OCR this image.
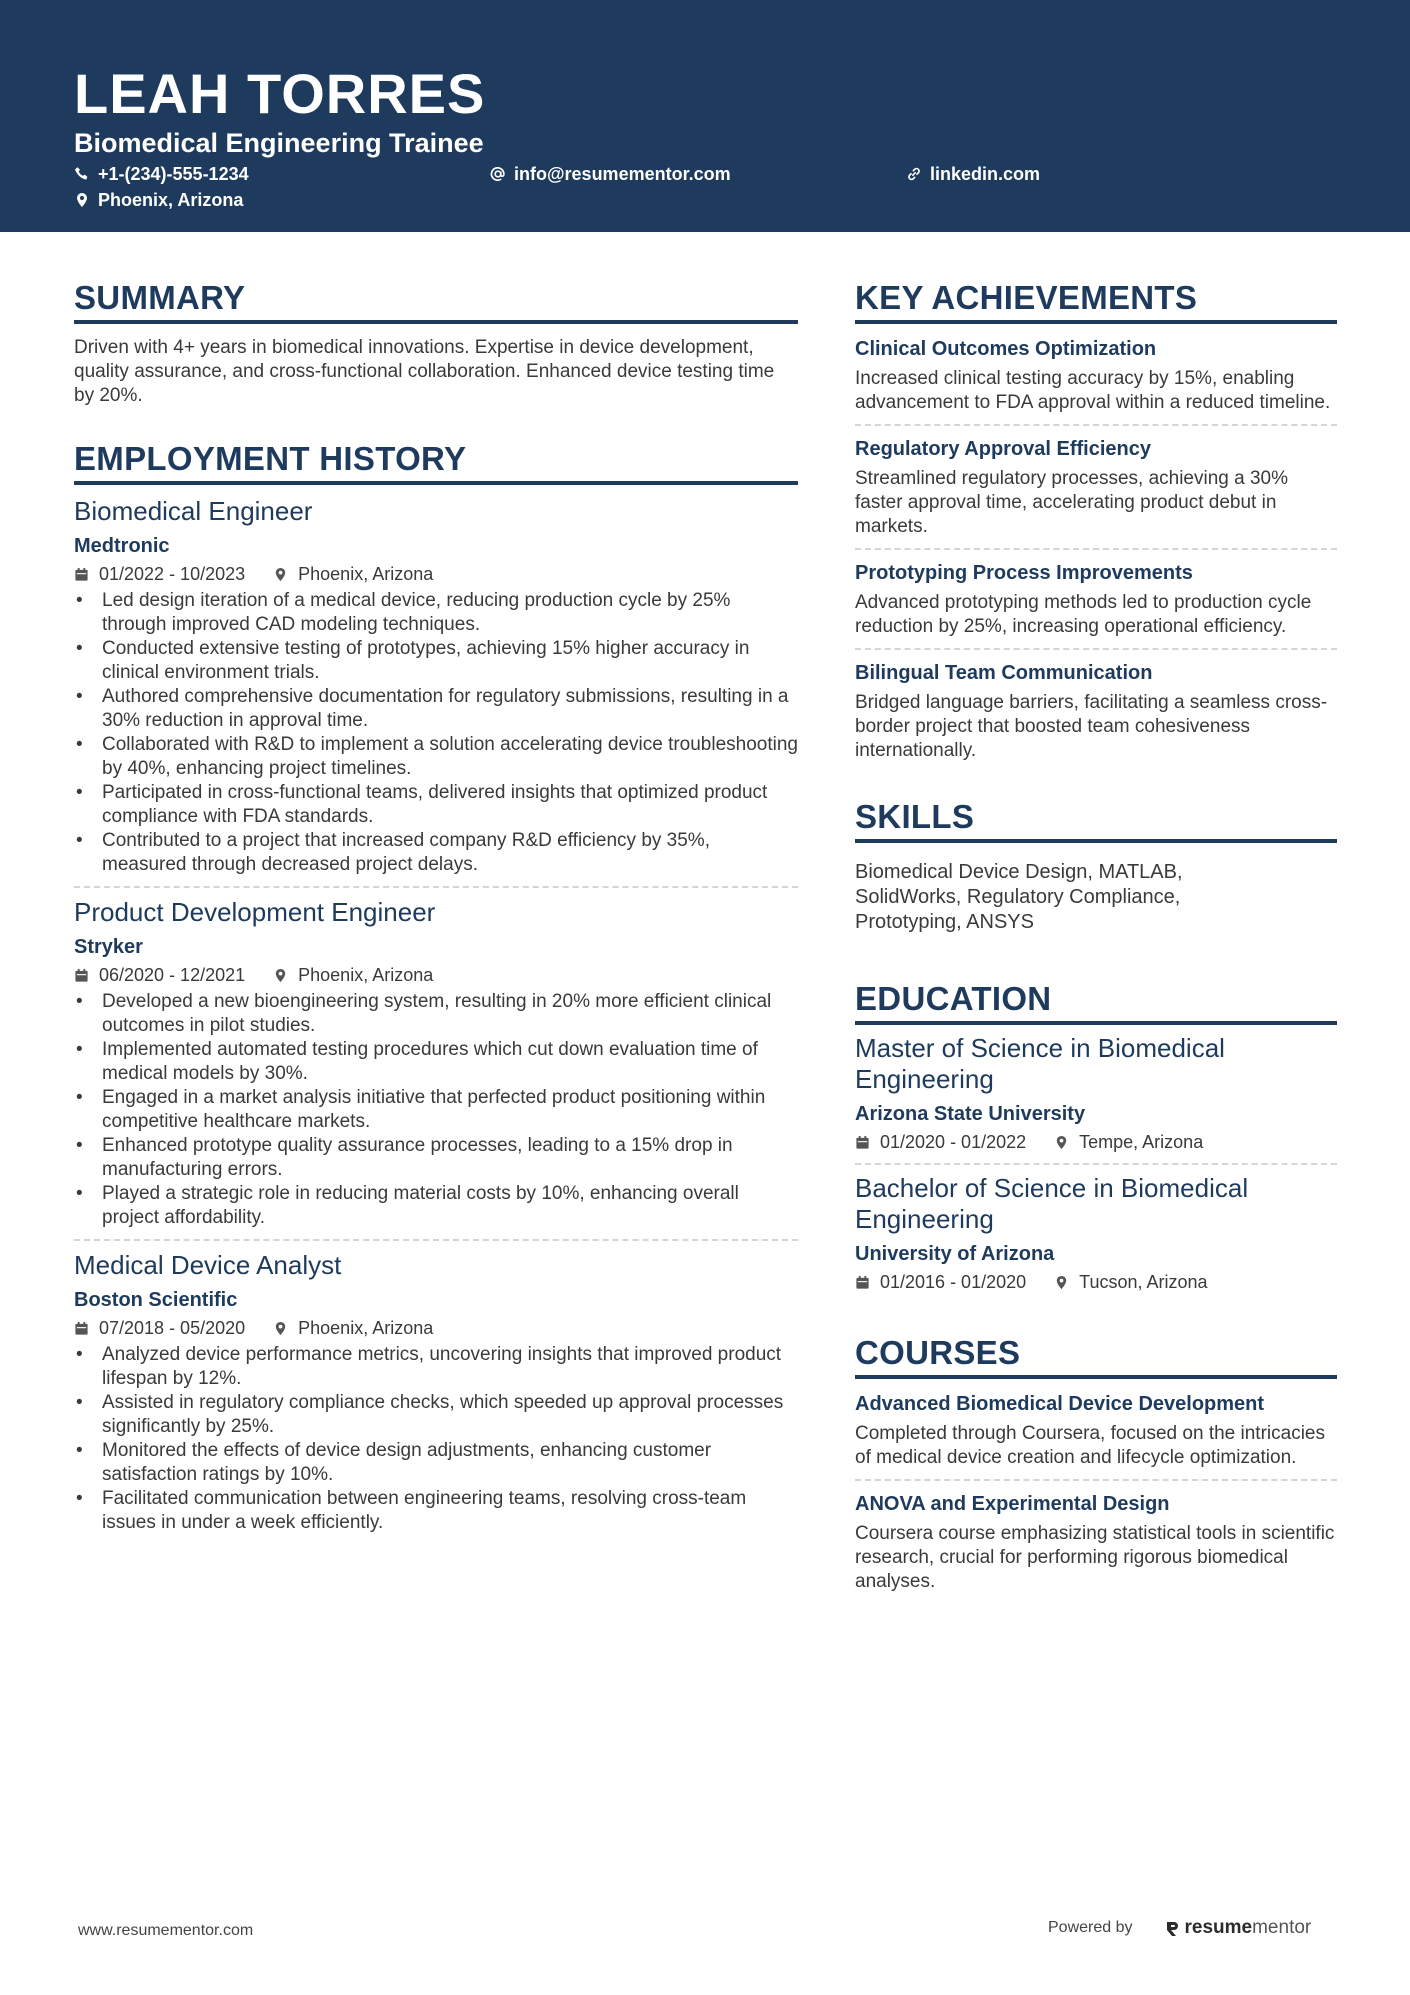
LEAH TORRES
Biomedical Engineering Trainee
+1-(234)-555-1234	info@resumementor.com	linkedin.com
Phoenix, Arizona
SUMMARY
Driven with 4+ years in biomedical innovations. Expertise in device development, quality assurance, and cross-functional collaboration. Enhanced device testing time by 20%.
EMPLOYMENT HISTORY
Biomedical Engineer
Medtronic
01/2022 - 10/2023	Phoenix, Arizona
• Led design iteration of a medical device, reducing production cycle by 25% through improved CAD modeling techniques.
• Conducted extensive testing of prototypes, achieving 15% higher accuracy in clinical environment trials.
• Authored comprehensive documentation for regulatory submissions, resulting in a 30% reduction in approval time.
• Collaborated with R&D to implement a solution accelerating device troubleshooting by 40%, enhancing project timelines.
• Participated in cross-functional teams, delivered insights that optimized product compliance with FDA standards.
• Contributed to a project that increased company R&D efficiency by 35%, measured through decreased project delays.
Product Development Engineer
Stryker
06/2020 - 12/2021	Phoenix, Arizona
• Developed a new bioengineering system, resulting in 20% more efficient clinical outcomes in pilot studies.
• Implemented automated testing procedures which cut down evaluation time of medical models by 30%.
• Engaged in a market analysis initiative that perfected product positioning within competitive healthcare markets.
• Enhanced prototype quality assurance processes, leading to a 15% drop in manufacturing errors.
• Played a strategic role in reducing material costs by 10%, enhancing overall project affordability.
Medical Device Analyst
Boston Scientific
07/2018 - 05/2020	Phoenix, Arizona
• Analyzed device performance metrics, uncovering insights that improved product lifespan by 12%.
• Assisted in regulatory compliance checks, which speeded up approval processes significantly by 25%.
• Monitored the effects of device design adjustments, enhancing customer satisfaction ratings by 10%.
• Facilitated communication between engineering teams, resolving cross-team issues in under a week efficiently.
KEY ACHIEVEMENTS
Clinical Outcomes Optimization
Increased clinical testing accuracy by 15%, enabling advancement to FDA approval within a reduced timeline.
Regulatory Approval Efficiency
Streamlined regulatory processes, achieving a 30% faster approval time, accelerating product debut in markets.
Prototyping Process Improvements
Advanced prototyping methods led to production cycle reduction by 25%, increasing operational efficiency.
Bilingual Team Communication
Bridged language barriers, facilitating a seamless cross-border project that boosted team cohesiveness internationally.
SKILLS
Biomedical Device Design, MATLAB, SolidWorks, Regulatory Compliance, Prototyping, ANSYS
EDUCATION
Master of Science in Biomedical Engineering
Arizona State University
01/2020 - 01/2022	Tempe, Arizona
Bachelor of Science in Biomedical Engineering
University of Arizona
01/2016 - 01/2020	Tucson, Arizona
COURSES
Advanced Biomedical Device Development
Completed through Coursera, focused on the intricacies of medical device creation and lifecycle optimization.
ANOVA and Experimental Design
Coursera course emphasizing statistical tools in scientific research, crucial for performing rigorous biomedical analyses.
www.resumementor.com	Powered by	resume mentor
